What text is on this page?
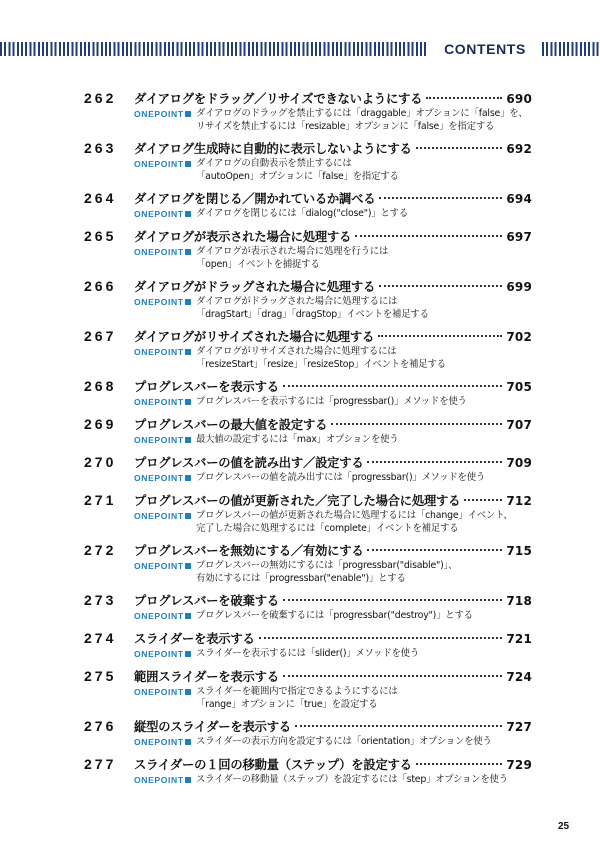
CONTENTS
262	ダイアログをドラッグ／リサイズできないようにする	690
ONEPOINT ダイアログのドラッグを禁止するには「draggable」オプションに「false」を、
リサイズを禁止するには「resizable」オプションに「false」を指定する
263	ダイアログ生成時に自動的に表示しないようにする	692
ONEPOINT ダイアログの自動表示を禁止するには
「autoOpen」オプションに「false」を指定する
264	ダイアログを閉じる／開かれているか調べる	694
ONEPOINT ダイアログを閉じるには「dialog("close")」とする
265	ダイアログが表示された場合に処理する	697
ONEPOINT ダイアログが表示された場合に処理を行うには
「open」イベントを捕捉する
266	ダイアログがドラッグされた場合に処理する	699
ONEPOINT ダイアログがドラッグされた場合に処理するには
「dragStart」「drag」「dragStop」イベントを補足する
267	ダイアログがリサイズされた場合に処理する	702
ONEPOINT ダイアログがリサイズされた場合に処理するには
「resizeStart」「resize」「resizeStop」イベントを補足する
268	プログレスバーを表示する	705
ONEPOINT プログレスバーを表示するには「progressbar()」メソッドを使う
269	プログレスバーの最大値を設定する	707
ONEPOINT 最大値の設定するには「max」オプションを使う
270	プログレスバーの値を読み出す／設定する	709
ONEPOINT プログレスバーの値を読み出すには「progressbar()」メソッドを使う
271	プログレスバーの値が更新された／完了した場合に処理する	712
ONEPOINT プログレスバーの値が更新された場合に処理するには「change」イベント、
完了した場合に処理するには「complete」イベントを補足する
272	プログレスバーを無効にする／有効にする	715
ONEPOINT プログレスバーの無効にするには「progressbar("disable")」、
有効にするには「progressbar("enable")」とする
273	プログレスバーを破棄する	718
ONEPOINT プログレスバーを破棄するには「progressbar("destroy")」とする
274	スライダーを表示する	721
ONEPOINT スライダーを表示するには「slider()」メソッドを使う
275	範囲スライダーを表示する	724
ONEPOINT スライダーを範囲内で指定できるようにするには
「range」オプションに「true」を設定する
276	縦型のスライダーを表示する	727
ONEPOINT スライダーの表示方向を設定するには「orientation」オプションを使う
277	スライダーの１回の移動量（ステップ）を設定する	729
ONEPOINT スライダーの移動量（ステップ）を設定するには「step」オプションを使う
25
